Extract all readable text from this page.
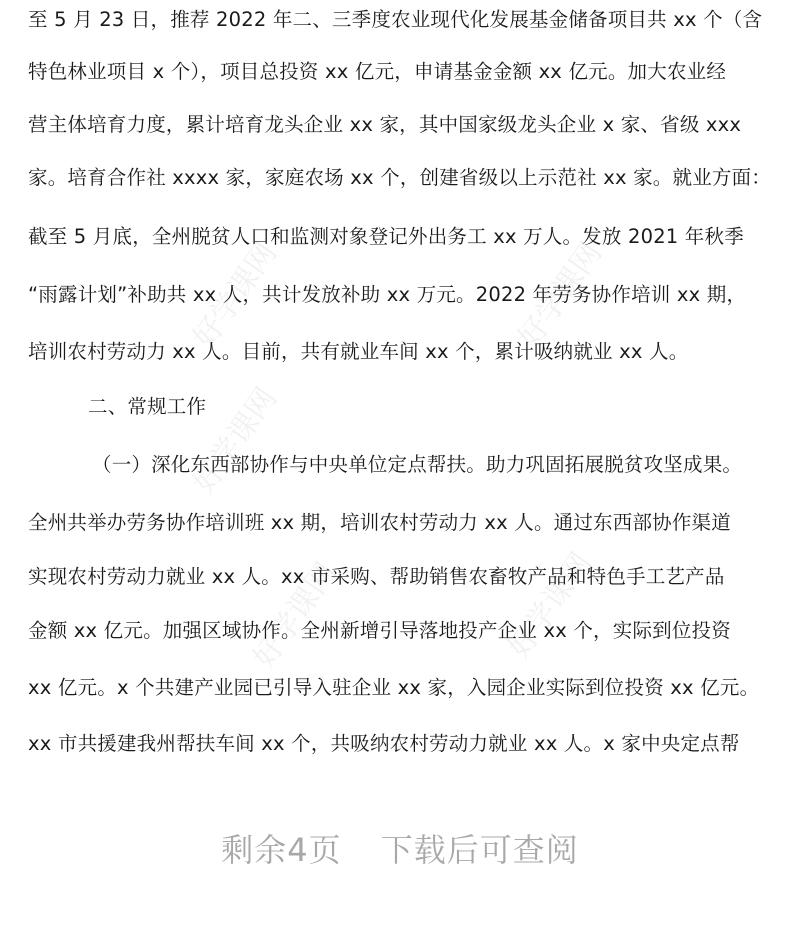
好学课网	好学课网
好学课网
好学课网	好学课网
至 5 月 23 日，推荐 2022 年二、三季度农业现代化发展基金储备项目共 xx 个（含
特色林业项目 x 个），项目总投资 xx 亿元，申请基金金额 xx 亿元。加大农业经
营主体培育力度，累计培育龙头企业 xx 家，其中国家级龙头企业 x 家、省级 xxx
家。培育合作社 xxxx 家，家庭农场 xx 个，创建省级以上示范社 xx 家。就业方面：
截至 5 月底，全州脱贫人口和监测对象登记外出务工 xx 万人。发放 2021 年秋季
“雨露计划”补助共 xx 人，共计发放补助 xx 万元。2022 年劳务协作培训 xx 期，
培训农村劳动力 xx 人。目前，共有就业车间 xx 个，累计吸纳就业 xx 人。
二、常规工作
（一）深化东西部协作与中央单位定点帮扶。助力巩固拓展脱贫攻坚成果。
全州共举办劳务协作培训班 xx 期，培训农村劳动力 xx 人。通过东西部协作渠道
实现农村劳动力就业 xx 人。xx 市采购、帮助销售农畜牧产品和特色手工艺产品
金额 xx 亿元。加强区域协作。全州新增引导落地投产企业 xx 个，实际到位投资
xx 亿元。x 个共建产业园已引导入驻企业 xx 家，入园企业实际到位投资 xx 亿元。
xx 市共援建我州帮扶车间 xx 个，共吸纳农村劳动力就业 xx 人。x 家中央定点帮
剩余4页 下载后可查阅
